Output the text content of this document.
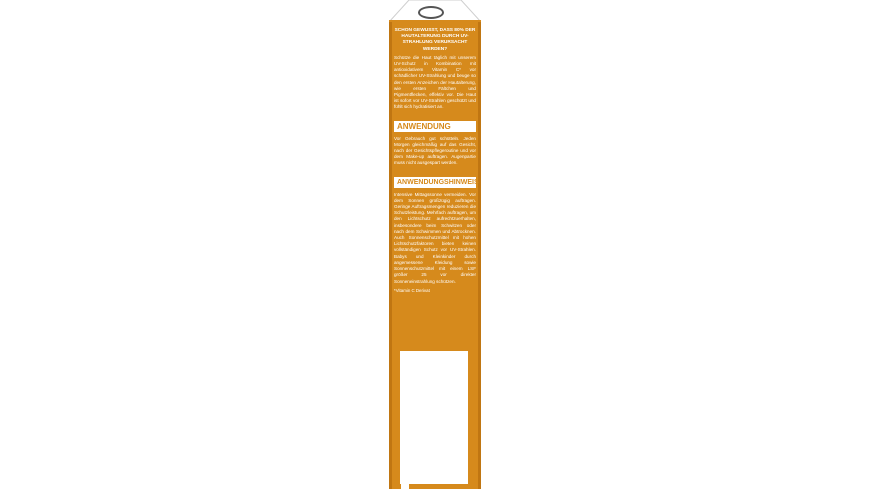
SCHON GEWUSST, DASS 80% DER HAUTALTERUNG DURCH UV-STRAHLUNG VERURSACHT WERDEN?
Schütze die Haut täglich mit unserem UV-Schutz in Kombination mit antioxidativem Vitamin C* vor schädlicher UV-Strahlung und beuge so den ersten Anzeichen der Hautalterung, wie ersten Fältchen und Pigmentflecken, effektiv vor. Die Haut ist sofort vor UV-Strahlen geschützt und fühlt sich hydratisiert an.
ANWENDUNG
Vor Gebrauch gut schütteln. Jeden Morgen gleichmäßig auf das Gesicht, nach der Gesichtspflegeroutine und vor dem Make-up auftragen. Augenpartie muss nicht ausgespart werden.
ANWENDUNGSHINWEIS
Intensive Mittagssonne vermeiden. Vor dem Sonnen großzügig auftragen. Geringe Auftragsmengen reduzieren die Schutzleistung. Mehrfach auftragen, um den Lichtschutz aufrechtzuerhalten, insbesondere beim Schwitzen oder nach dem Schwimmen und Abtrocknen. Auch Sonnenschutzmittel mit hohen Lichtschutzfaktoren bieten keinen vollständigen Schutz vor UV-Strahlen. Babys und Kleinkinder durch angemessene Kleidung sowie Sonnenschutzmittel mit einem LSF größer 25 vor direkter Sonneneinstrahlung schützen.
*Vitamin C Derivat
